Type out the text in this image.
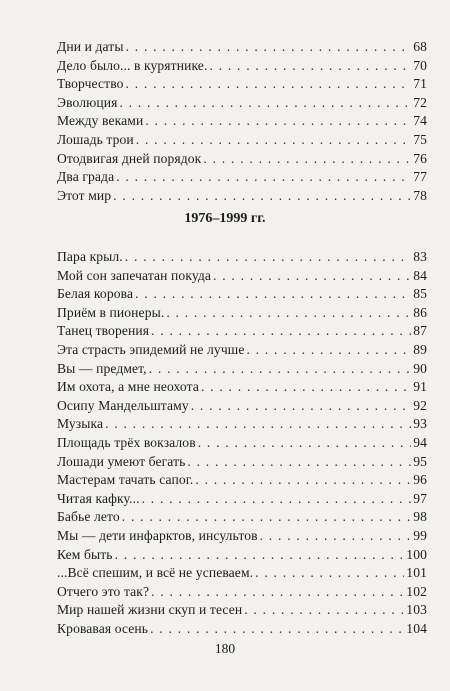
Дни и даты . . .	68
Дело было... в курятнике. . . .	70
Творчество . . .	71
Эволюция . . .	72
Между веками . . .	74
Лошадь трои . . .	75
Отодвигая дней порядок . . .	76
Два града . . .	77
Этот мир . . .	78
1976–1999 гг.
Пара крыл. . . .	83
Мой сон запечатан покуда . . .	84
Белая корова . . .	85
Приём в пионеры. . . .	86
Танец творения . . .	87
Эта страсть эпидемий не лучше . . .	89
Вы — предмет, . . .	90
Им охота, а мне неохота . . .	91
Осипу Мандельштаму . . .	92
Музыка . . .	93
Площадь трёх вокзалов . . .	94
Лошади умеют бегать . . .	95
Мастерам тачать сапог. . . .	96
Читая кафку... . . .	97
Бабье лето . . .	98
Мы — дети инфарктов, инсультов . . .	99
Кем быть . . .	100
...Всё спешим, и всё не успеваем. . . .	101
Отчего это так? . . .	102
Мир нашей жизни скуп и тесен . . .	103
Кровавая осень . . .	104
180
